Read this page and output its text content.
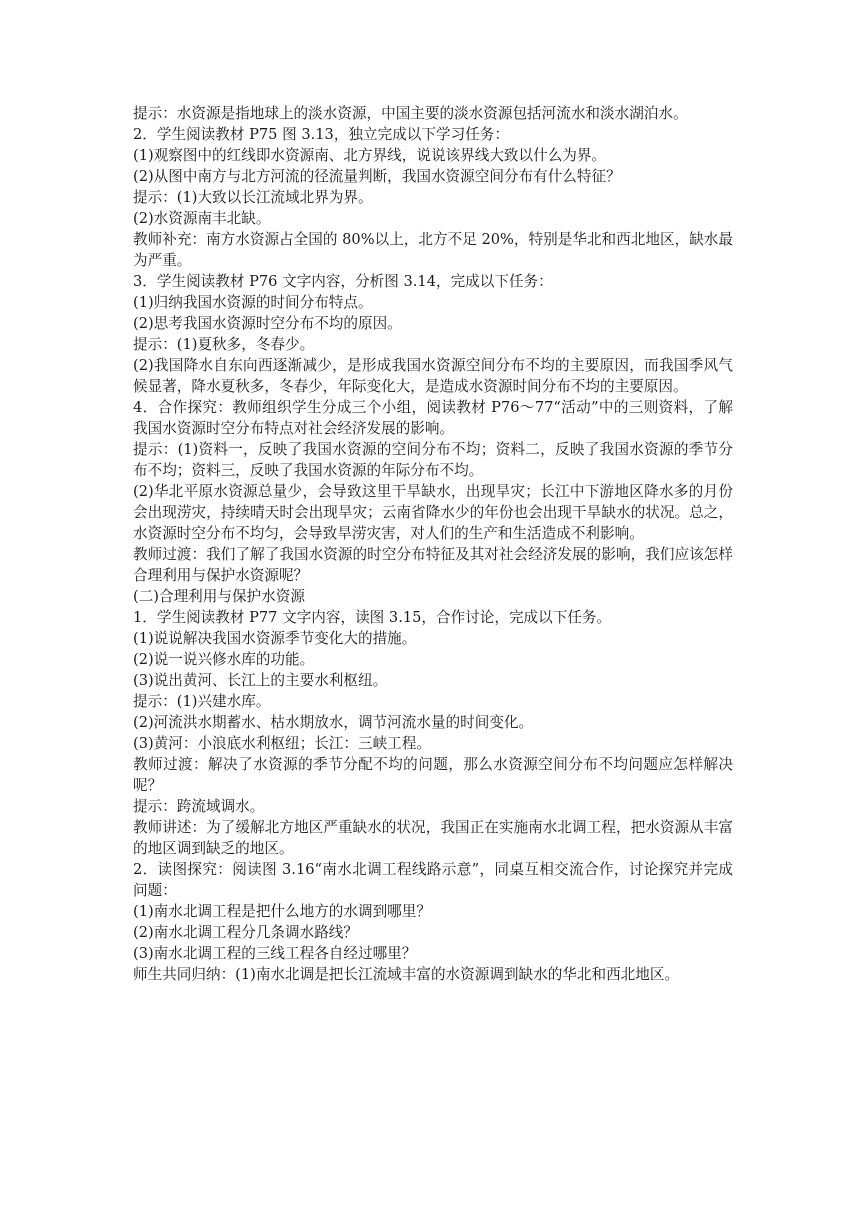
提示：水资源是指地球上的淡水资源，中国主要的淡水资源包括河流水和淡水湖泊水。

2．学生阅读教材 P75 图 3.13，独立完成以下学习任务：

(1)观察图中的红线即水资源南、北方界线，说说该界线大致以什么为界。

(2)从图中南方与北方河流的径流量判断，我国水资源空间分布有什么特征？

提示：(1)大致以长江流域北界为界。

(2)水资源南丰北缺。

教师补充：南方水资源占全国的 80%以上，北方不足 20%，特别是华北和西北地区，缺水最为严重。

3．学生阅读教材 P76 文字内容，分析图 3.14，完成以下任务：

(1)归纳我国水资源的时间分布特点。

(2)思考我国水资源时空分布不均的原因。

提示：(1)夏秋多，冬春少。

(2)我国降水自东向西逐渐减少，是形成我国水资源空间分布不均的主要原因，而我国季风气候显著，降水夏秋多，冬春少，年际变化大，是造成水资源时间分布不均的主要原因。

4．合作探究：教师组织学生分成三个小组，阅读教材 P76～77“活动”中的三则资料，了解我国水资源时空分布特点对社会经济发展的影响。

提示：(1)资料一，反映了我国水资源的空间分布不均；资料二，反映了我国水资源的季节分布不均；资料三，反映了我国水资源的年际分布不均。

(2)华北平原水资源总量少，会导致这里干旱缺水，出现旱灾；长江中下游地区降水多的月份会出现涝灾，持续晴天时会出现旱灾；云南省降水少的年份也会出现干旱缺水的状况。总之，水资源时空分布不均匀，会导致旱涝灾害，对人们的生产和生活造成不利影响。

教师过渡：我们了解了我国水资源的时空分布特征及其对社会经济发展的影响，我们应该怎样合理利用与保护水资源呢？

(二)合理利用与保护水资源

1．学生阅读教材 P77 文字内容，读图 3.15，合作讨论，完成以下任务。

(1)说说解决我国水资源季节变化大的措施。

(2)说一说兴修水库的功能。

(3)说出黄河、长江上的主要水利枢纽。

提示：(1)兴建水库。

(2)河流洪水期蓄水、枯水期放水，调节河流水量的时间变化。

(3)黄河：小浪底水利枢纽；长江：三峡工程。

教师过渡：解决了水资源的季节分配不均的问题，那么水资源空间分布不均问题应怎样解决呢？

提示：跨流域调水。

教师讲述：为了缓解北方地区严重缺水的状况，我国正在实施南水北调工程，把水资源从丰富的地区调到缺乏的地区。

2．读图探究：阅读图 3.16“南水北调工程线路示意”，同桌互相交流合作，讨论探究并完成问题：

(1)南水北调工程是把什么地方的水调到哪里？

(2)南水北调工程分几条调水路线？

(3)南水北调工程的三线工程各自经过哪里？

师生共同归纳：(1)南水北调是把长江流域丰富的水资源调到缺水的华北和西北地区。
